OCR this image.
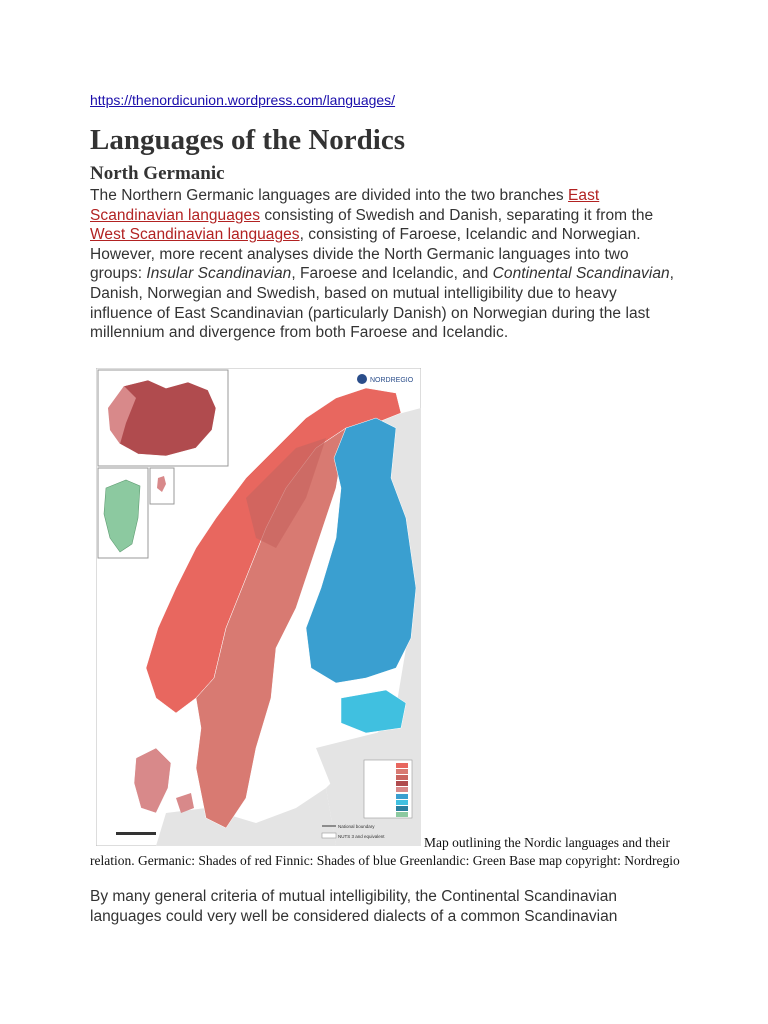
https://thenordicunion.wordpress.com/languages/
Languages of the Nordics
North Germanic
The Northern Germanic languages are divided into the two branches East Scandinavian languages consisting of Swedish and Danish, separating it from the West Scandinavian languages, consisting of Faroese, Icelandic and Norwegian. However, more recent analyses divide the North Germanic languages into two groups: Insular Scandinavian, Faroese and Icelandic, and Continental Scandinavian, Danish, Norwegian and Swedish, based on mutual intelligibility due to heavy influence of East Scandinavian (particularly Danish) on Norwegian during the last millennium and divergence from both Faroese and Icelandic.
NORDREGIO
National boundary
NUTS 3 and equivalent	Map outlining the Nordic languages and their relation. Germanic: Shades of red Finnic: Shades of blue Greenlandic: Green Base map copyright: Nordregio
By many general criteria of mutual intelligibility, the Continental Scandinavian languages could very well be considered dialects of a common Scandinavian
